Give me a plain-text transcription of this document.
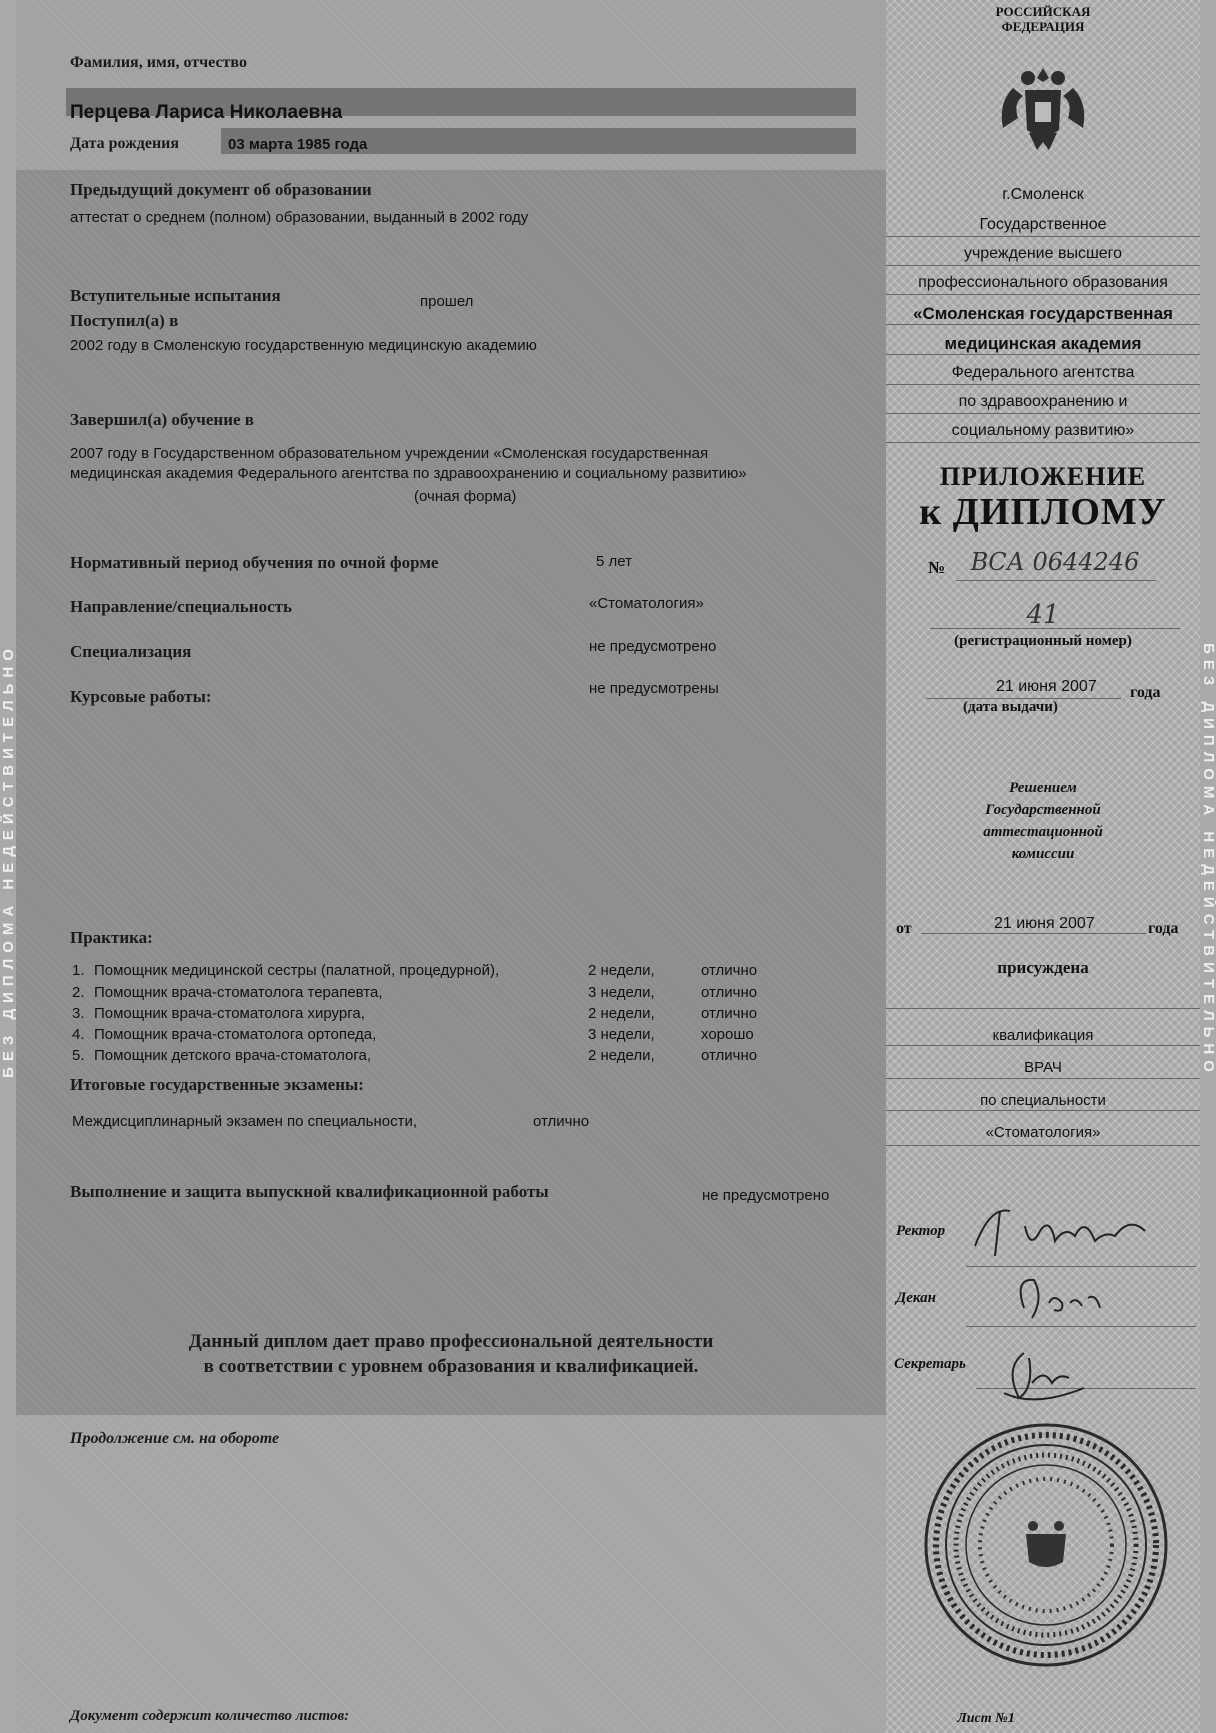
БЕЗ ДИПЛОМА НЕДЕЙСТВИТЕЛЬНО	БЕЗ ДИПЛОМА НЕДЕЙСТВИТЕЛЬНО
Фамилия, имя, отчество
Перцева Лариса Николаевна
Дата рождения	03 марта 1985 года
Предыдущий документ об образовании
аттестат о среднем (полном) образовании, выданный в 2002 году
Вступительные испытания	прошел
Поступил(а) в
2002 году в Смоленскую государственную медицинскую академию
Завершил(а) обучение в
2007 году в Государственном образовательном учреждении «Смоленская государственная
медицинская академия Федерального агентства по здравоохранению и социальному развитию»
(очная форма)
Нормативный период обучения по очной форме	5 лет
Направление/специальность	«Стоматология»
Специализация	не предусмотрено
Курсовые работы:	не предусмотрены
Практика:
Итоговые государственные экзамены:
Междисциплинарный экзамен по специальности,	отлично
Выполнение и защита выпускной квалификационной работы	не предусмотрено
Данный диплом дает право профессиональной деятельности
в соответствии с уровнем образования и квалификацией.
Продолжение см. на обороте
Документ содержит количество листов:
1. Помощник медицинской сестры (палатной, процедурной),	2 недели,	отлично
2. Помощник врача-стоматолога терапевта,	3 недели,	отлично
3. Помощник врача-стоматолога хирурга,	2 недели,	отлично
4. Помощник врача-стоматолога ортопеда,	3 недели,	хорошо
5. Помощник детского врача-стоматолога,	2 недели,	отлично
РОССИЙСКАЯ
ФЕДЕРАЦИЯ
г.Смоленск
ПРИЛОЖЕНИЕ
к ДИПЛОМУ
№	ВСА 0644246
41
(регистрационный номер)
21 июня 2007 года
(дата выдачи)
от	21 июня 2007	года
присуждена
квалификация
ВРАЧ
по специальности
«Стоматология»
Ректор
Декан
Секретарь
Лист №1
Государственное
учреждение высшего
профессионального образования
«Смоленская государственная
медицинская академия
Федерального агентства
по здравоохранению и
социальному развитию»
Решением
Государственной
аттестационной
комиссии
